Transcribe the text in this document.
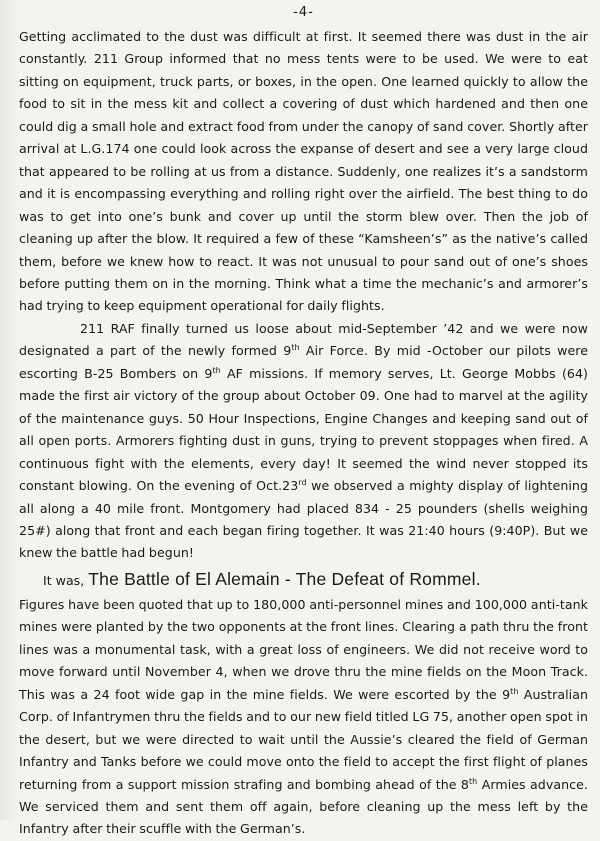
-4-

Getting acclimated to the dust was difficult at first. It seemed there was dust in the air constantly. 211 Group informed that no mess tents were to be used. We were to eat sitting on equipment, truck parts, or boxes, in the open. One learned quickly to allow the food to sit in the mess kit and collect a covering of dust which hardened and then one could dig a small hole and extract food from under the canopy of sand cover. Shortly after arrival at L.G.174 one could look across the expanse of desert and see a very large cloud that appeared to be rolling at us from a distance. Suddenly, one realizes it’s a sandstorm and it is encompassing everything and rolling right over the airfield. The best thing to do was to get into one’s bunk and cover up until the storm blew over. Then the job of cleaning up after the blow. It required a few of these “Kamsheen’s” as the native’s called them, before we knew how to react. It was not unusual to pour sand out of one’s shoes before putting them on in the morning. Think what a time the mechanic’s and armorer’s had trying to keep equipment operational for daily flights.

211 RAF finally turned us loose about mid-September ’42 and we were now designated a part of the newly formed 9th Air Force. By mid -October our pilots were escorting B-25 Bombers on 9th AF missions. If memory serves, Lt. George Mobbs (64) made the first air victory of the group about October 09. One had to marvel at the agility of the maintenance guys. 50 Hour Inspections, Engine Changes and keeping sand out of all open ports. Armorers fighting dust in guns, trying to prevent stoppages when fired. A continuous fight with the elements, every day! It seemed the wind never stopped its constant blowing. On the evening of Oct.23rd we observed a mighty display of lightening all along a 40 mile front. Montgomery had placed 834 - 25 pounders (shells weighing 25#) along that front and each began firing together. It was 21:40 hours (9:40P). But we knew the battle had begun!

It was, The Battle of El Alemain - The Defeat of Rommel.

Figures have been quoted that up to 180,000 anti-personnel mines and 100,000 anti-tank mines were planted by the two opponents at the front lines. Clearing a path thru the front lines was a monumental task, with a great loss of engineers. We did not receive word to move forward until November 4, when we drove thru the mine fields on the Moon Track. This was a 24 foot wide gap in the mine fields. We were escorted by the 9th Australian Corp. of Infantrymen thru the fields and to our new field titled LG 75, another open spot in the desert, but we were directed to wait until the Aussie’s cleared the field of German Infantry and Tanks before we could move onto the field to accept the first flight of planes returning from a support mission strafing and bombing ahead of the 8th Armies advance. We serviced them and sent them off again, before cleaning up the mess left by the Infantry after their scuffle with the German’s.
